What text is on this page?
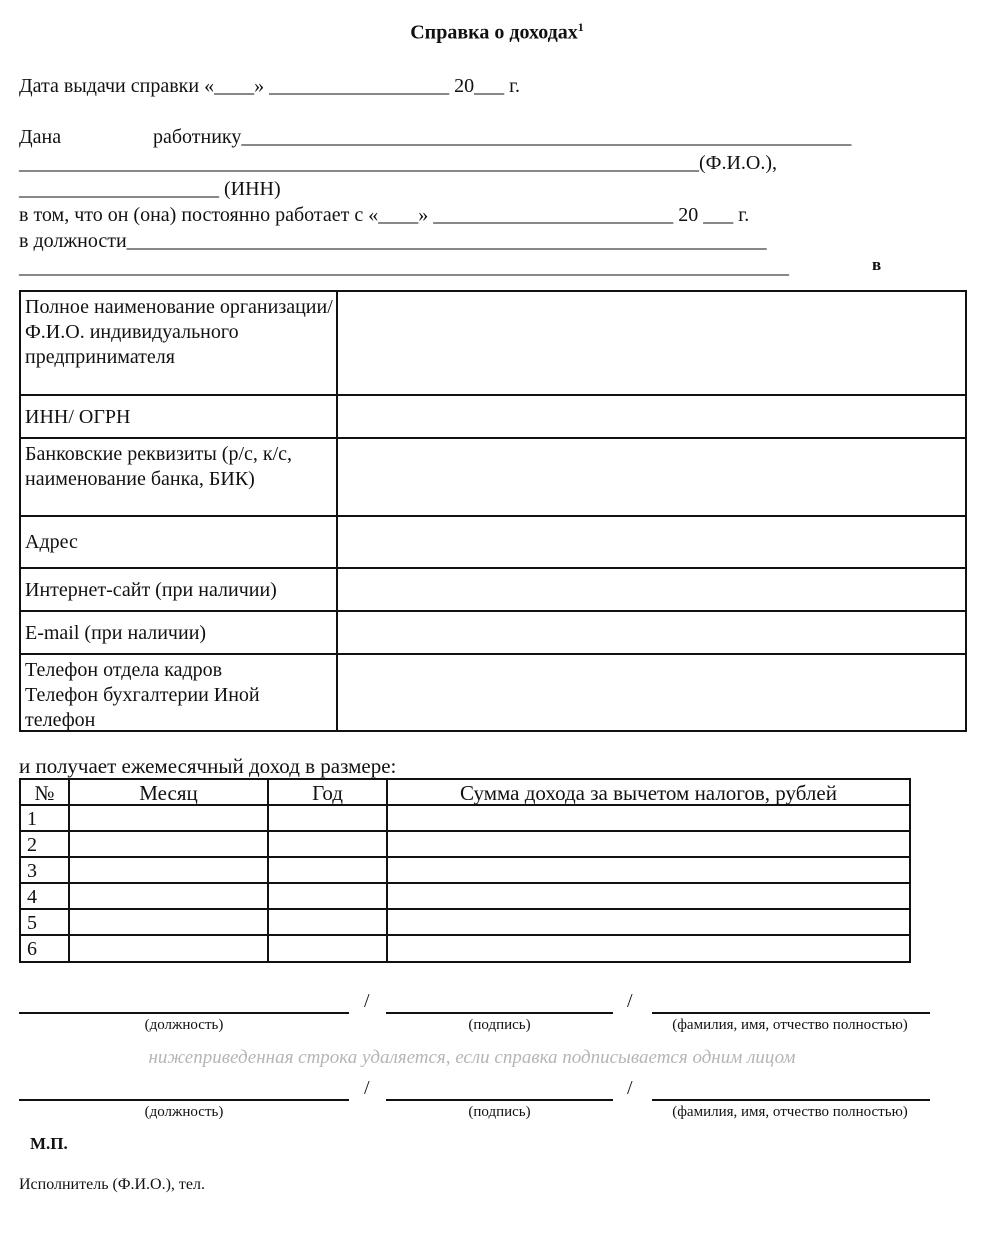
Справка о доходах$^1$
Дата выдачи справки «____» __________________ 20___ г.
Дана	работнику_____________________________________________________________
____________________________________________________________________(Ф.И.О.),
____________________ (ИНН)
в том, что он (она) постоянно работает с «____» ________________________ 20 ___ г.
в должности________________________________________________________________
_____________________________________________________________________________	в
Полное наименование организации/ Ф.И.О. индивидуального предпринимателя
ИНН/ ОГРН
Банковские реквизиты (р/с, к/с, наименование банка, БИК)
Адрес
Интернет-сайт (при наличии)
E-mail (при наличии)
Телефон отдела кадров Телефон бухгалтерии Иной телефон
и получает ежемесячный доход в размере:
№	Месяц	Год	Сумма дохода за вычетом налогов, рублей
1
2
3
4
5
6
/	/
(должность)	(подпись)	(фамилия, имя, отчество полностью)
нижеприведенная строка удаляется, если справка подписывается одним лицом
/	/
(должность)	(подпись)	(фамилия, имя, отчество полностью)
М.П.
Исполнитель (Ф.И.О.), тел.
